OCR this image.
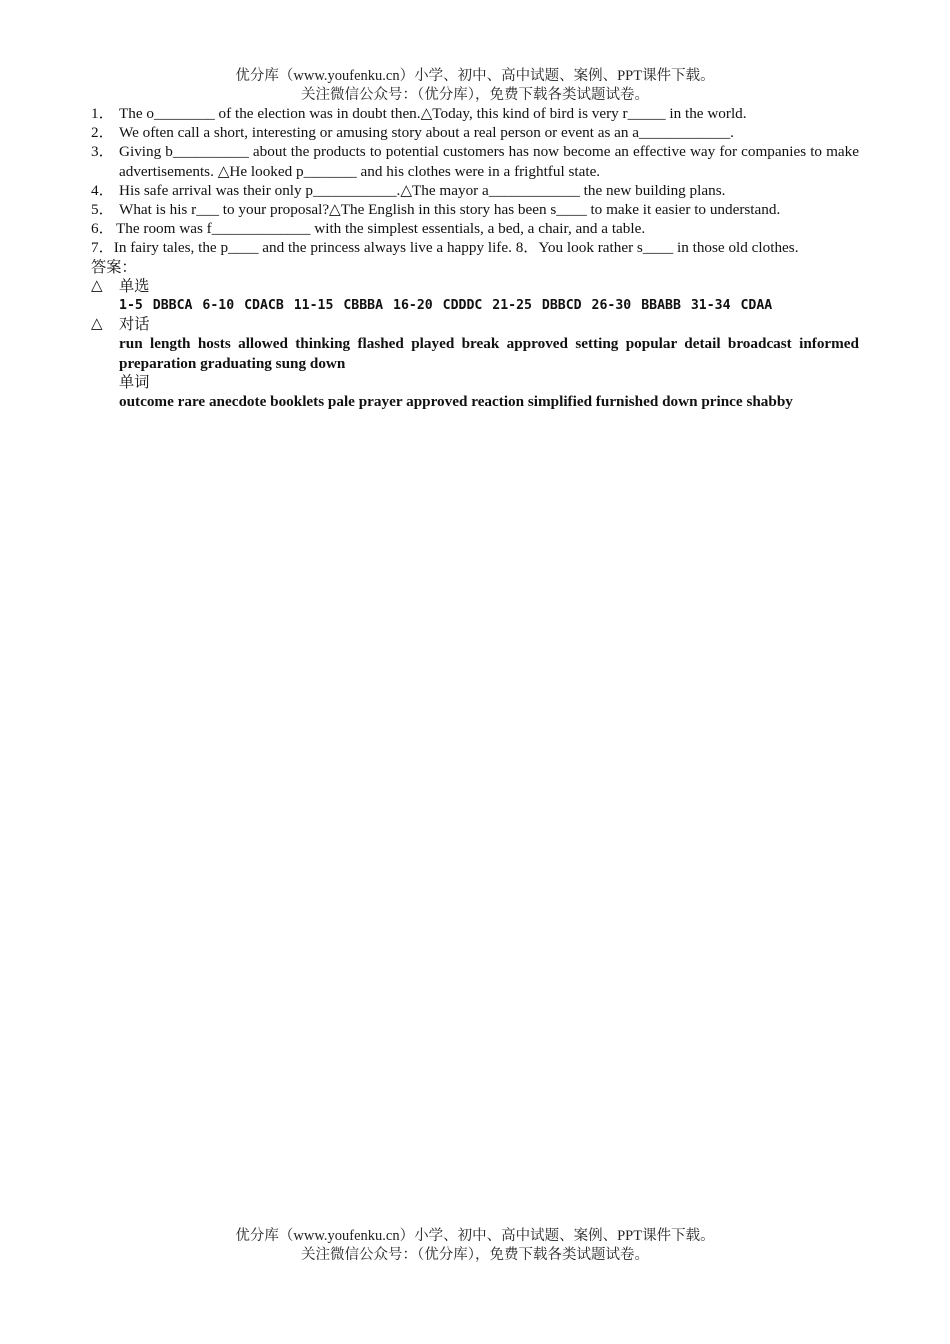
优分库（www.youfenku.cn）小学、初中、高中试题、案例、PPT课件下载。
关注微信公众号：（优分库），免费下载各类试题试卷。
1． The o________ of the election was in doubt then.△Today, this kind of bird is very r_____ in the world.
2． We often call a short, interesting or amusing story about a real person or event as an a____________.
3． Giving b__________ about the products to potential customers has now become an effective way for companies to make advertisements. △He looked p_______ and his clothes were in a frightful state.
4． His safe arrival was their only p___________.△The mayor a____________ the new building plans.
5． What is his r___ to your proposal?△The English in this story has been s____ to make it easier to understand.
6． The room was f_____________ with the simplest essentials, a bed, a chair, and a table.
7．In fairy tales, the p____ and the princess always live a happy life. 8．You look rather s____ in those old clothes.
答案：
△	单选
1-5 DBBCA 6-10 CDACB 11-15 CBBBA 16-20 CDDDC 21-25 DBBCD 26-30 BBABB 31-34 CDAA
△	对话
run length hosts allowed thinking flashed played break approved setting popular detail broadcast informed preparation graduating sung down
单词
outcome rare anecdote booklets pale prayer approved reaction simplified furnished down prince shabby
优分库（www.youfenku.cn）小学、初中、高中试题、案例、PPT课件下载。
关注微信公众号：（优分库），免费下载各类试题试卷。
